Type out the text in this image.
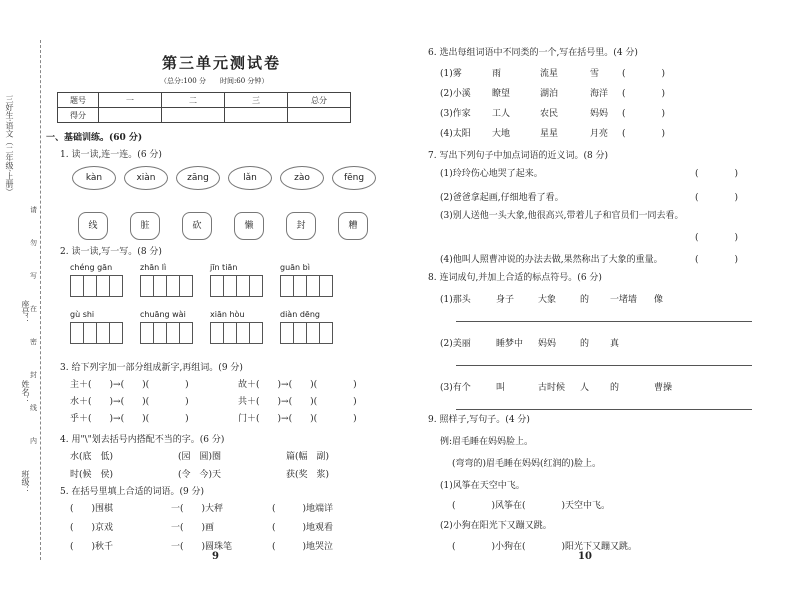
三好生·语文（二年级·上册）
班级：
姓名：
座号：
第三单元测试卷
（总分:100 分　　时间:60 分钟）
题号	一	二	三	总分
得分				
一、基础训练。(60 分)
1. 读一读,连一连。(6 分)
2. 读一读,写一写。(8 分)
3. 给下列字加一部分组成新字,再组词。(9 分)
4. 用"\"划去括号内搭配不当的字。(6 分)
5. 在括号里填上合适的词语。(9 分)
9
6. 选出每组词语中不同类的一个,写在括号里。(4 分)
7. 写出下列句子中加点词语的近义词。(8 分)
8. 连词成句,并加上合适的标点符号。(6 分)
9. 照样子,写句子。(4 分)
例:眉毛睡在妈妈脸上。
(弯弯的)眉毛睡在妈妈(红润的)脸上。
(1)风筝在天空中飞。
(　　　　)风筝在(　　　　)天空中飞。
(2)小狗在阳光下又蹦又跳。
(　　　　)小狗在(　　　　)阳光下又蹦又跳。
10
请
勿
写
在
密
封
线
内
kàn	xiàn	zāng	lǎn	zào	fēng
线	脏	砍	懒	封	糟
chéng gān	zhān lì	jīn tiān	guān bì
gù shi	chuāng wài	xiān hòu	diàn dēng
主＋(　　)→(　　)(　　　　)	故＋(　　)→(　　)(　　　　)
水＋(　　)→(　　)(　　　　)	共＋(　　)→(　　)(　　　　)
乎＋(　　)→(　　)(　　　　)	门＋(　　)→(　　)(　　　　)
水(底　低)	(园　圆)圈	篇(幅　副)
时(候　侯)	(令　今)天	获(奖　浆)
(　　)围棋	一(　　)大秤	(　　　)地端详
(　　)京戏	一(　　)画	(　　　)地观看
(　　)秋千	一(　　)圆珠笔	(　　　)地哭泣
(1)雾	雨	流星	雪	(　　　　)
(2)小溪 瞭望	湖泊	海洋 (　　　　)
(3)作家 工人	农民	妈妈 (　　　　)
(4)太阳 大地	星星	月亮 (　　　　)
(1)玲玲伤心地哭了起来。
(2)爸爸拿起画,仔细地看了看。
(3)别人送他一头大象,他很高兴,带着儿子和官员们一同去看。
(4)他叫人照曹冲说的办法去做,果然称出了大象的重量。
(　　　　)
(　　　　)
(　　　　)
(　　　　)
(1)那头	身子	大象	的 一堵墙 像
(2)美丽	睡梦中 妈妈	的 真
(3)有个	叫	古时候 人 的	曹操
